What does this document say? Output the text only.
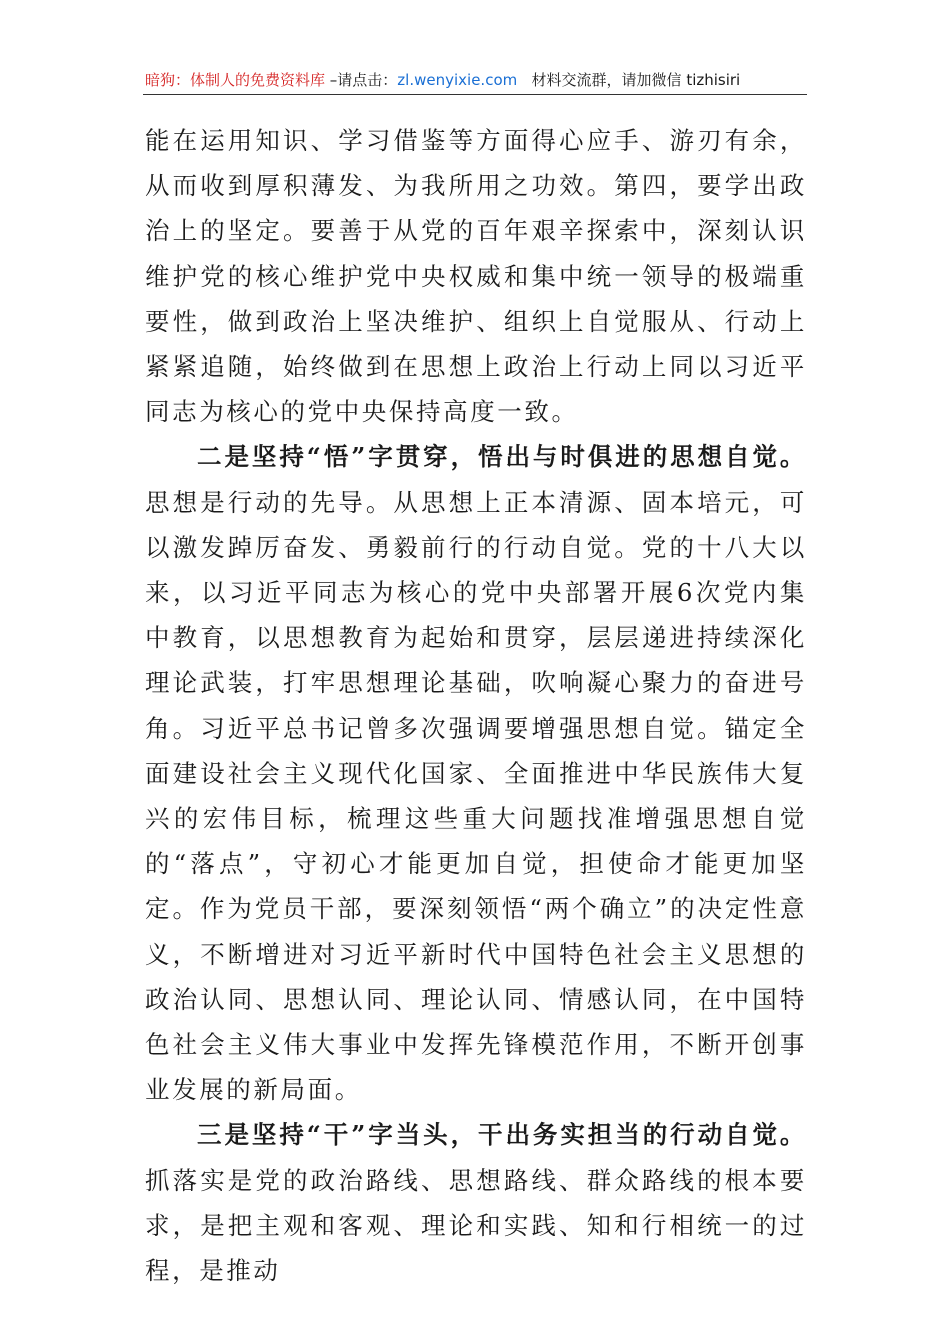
暗狗：体制人的免费资料库 –请点击：zl.wenyixie.com 材料交流群，请加微信 tizhisiri

能在运用知识、学习借鉴等方面得心应手、游刃有余，从而收到厚积薄发、为我所用之功效。第四，要学出政治上的坚定。要善于从党的百年艰辛探索中，深刻认识维护党的核心维护党中央权威和集中统一领导的极端重要性，做到政治上坚决维护、组织上自觉服从、行动上紧紧追随，始终做到在思想上政治上行动上同以习近平同志为核心的党中央保持高度一致。

二是坚持“悟”字贯穿，悟出与时俱进的思想自觉。思想是行动的先导。从思想上正本清源、固本培元，可以激发踔厉奋发、勇毅前行的行动自觉。党的十八大以来，以习近平同志为核心的党中央部署开展6次党内集中教育，以思想教育为起始和贯穿，层层递进持续深化理论武装，打牢思想理论基础，吹响凝心聚力的奋进号角。习近平总书记曾多次强调要增强思想自觉。锚定全面建设社会主义现代化国家、全面推进中华民族伟大复兴的宏伟目标，梳理这些重大问题找准增强思想自觉的“落点”，守初心才能更加自觉，担使命才能更加坚定。作为党员干部，要深刻领悟“两个确立”的决定性意义，不断增进对习近平新时代中国特色社会主义思想的政治认同、思想认同、理论认同、情感认同，在中国特色社会主义伟大事业中发挥先锋模范作用，不断开创事业发展的新局面。

三是坚持“干”字当头，干出务实担当的行动自觉。抓落实是党的政治路线、思想路线、群众路线的根本要求，是把主观和客观、理论和实践、知和行相统一的过程，是推动
